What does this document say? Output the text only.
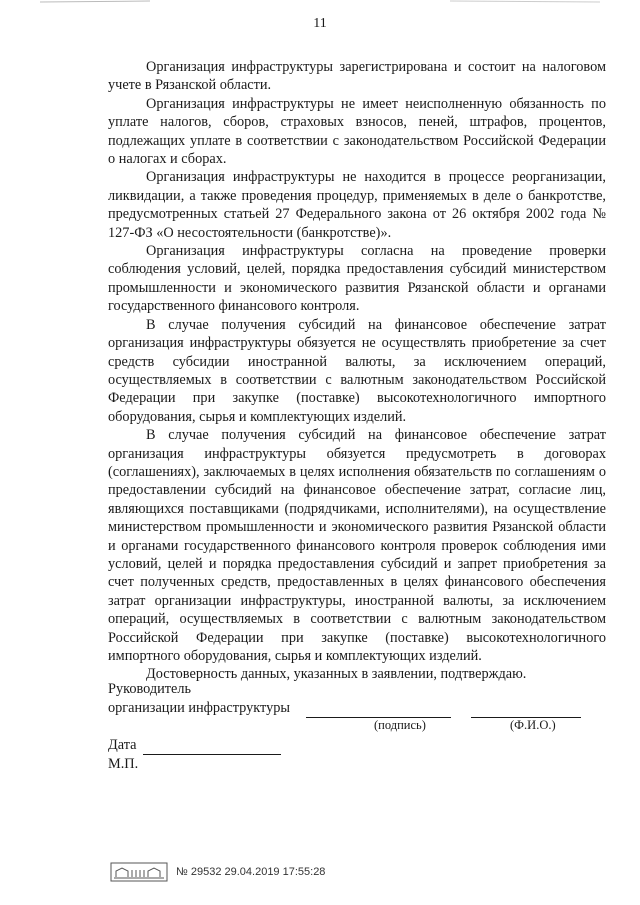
11

Организация инфраструктуры зарегистрирована и состоит на налоговом учете в Рязанской области.

Организация инфраструктуры не имеет неисполненную обязанность по уплате налогов, сборов, страховых взносов, пеней, штрафов, процентов, подлежащих уплате в соответствии с законодательством Российской Федерации о налогах и сборах.

Организация инфраструктуры не находится в процессе реорганизации, ликвидации, а также проведения процедур, применяемых в деле о банкротстве, предусмотренных статьей 27 Федерального закона от 26 октября 2002 года № 127-ФЗ «О несостоятельности (банкротстве)».

Организация инфраструктуры согласна на проведение проверки соблюдения условий, целей, порядка предоставления субсидий министерством промышленности и экономического развития Рязанской области и органами государственного финансового контроля.

В случае получения субсидий на финансовое обеспечение затрат организация инфраструктуры обязуется не осуществлять приобретение за счет средств субсидии иностранной валюты, за исключением операций, осуществляемых в соответствии с валютным законодательством Российской Федерации при закупке (поставке) высокотехнологичного импортного оборудования, сырья и комплектующих изделий.

В случае получения субсидий на финансовое обеспечение затрат организация инфраструктуры обязуется предусмотреть в договорах (соглашениях), заключаемых в целях исполнения обязательств по соглашениям о предоставлении субсидий на финансовое обеспечение затрат, согласие лиц, являющихся поставщиками (подрядчиками, исполнителями), на осуществление министерством промышленности и экономического развития Рязанской области и органами государственного финансового контроля проверок соблюдения ими условий, целей и порядка предоставления субсидий и запрет приобретения за счет полученных средств, предоставленных в целях финансового обеспечения затрат организации инфраструктуры, иностранной валюты, за исключением операций, осуществляемых в соответствии с валютным законодательством Российской Федерации при закупке (поставке) высокотехнологичного импортного оборудования, сырья и комплектующих изделий.

Достоверность данных, указанных в заявлении, подтверждаю.

Руководитель
организации инфраструктуры
(подпись)	(Ф.И.О.)
Дата
М.П.
№ 29532 29.04.2019 17:55:28
